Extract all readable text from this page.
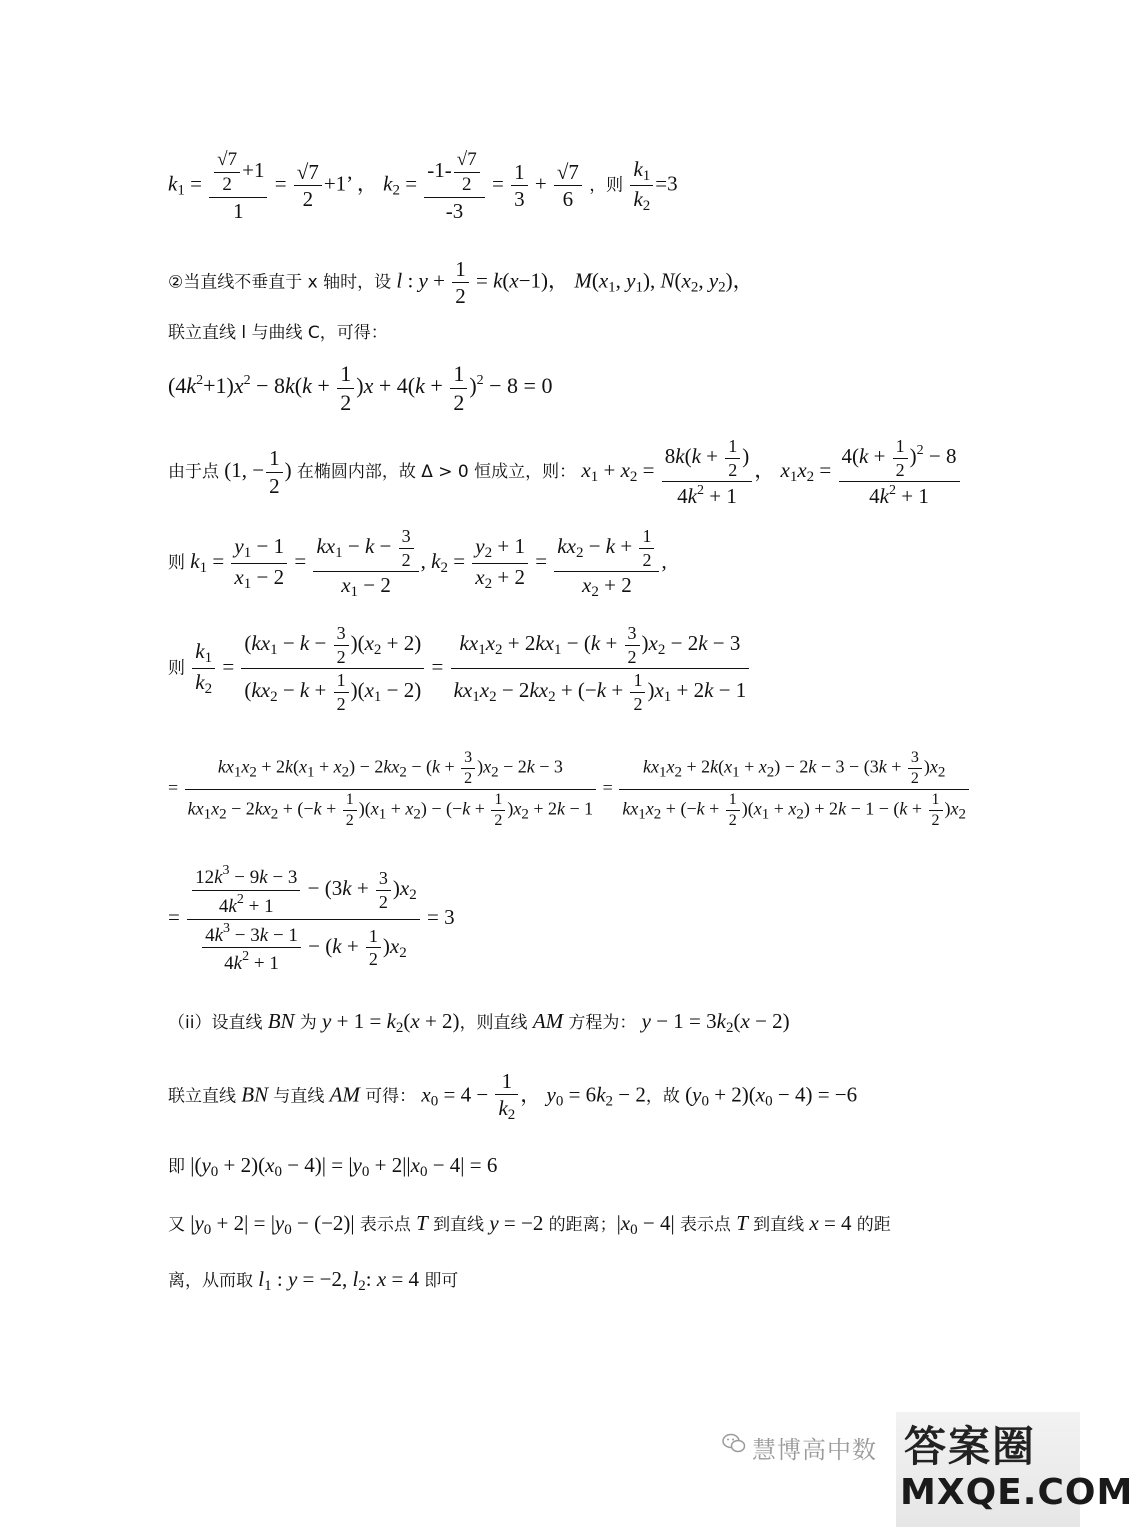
$k1 = \frac{\frac{√7}{2} +1}{1} = \frac{√7}{2} +1$’ ， $k2 = \frac{-1- \frac{√7}{2}}{-3} = \frac{1}{3} + \frac{√7}{6}$ ，则 $\frac{k1}{k2} =3$
②当直线不垂直于 x 轴时，设 l : $y + \frac{1}{2} = k(x-1)$， M(x1, y1), N(x2, y2)，
联立直线 l 与曲线 C，可得：
$(4k^2+1)x^2 - 8k(k + \frac{1}{2} )x + 4(k + \frac{1}{2} )^2 - 8 = 0$
由于点 (1, − $\frac{1}{2}$ ) 在椭圆内部，故 Δ > 0 恒成立，则： $x1 + x2 = \frac{8k(k + \frac{1}{2} )}{4k^2 + 1}$ ， $x1x2 = \frac{4(k + \frac{1}{2} )^2 - 8}{4k^2 + 1}$
则 $k1 = \frac{y1 - 1}{x1 - 2} = \frac{kx1 - k - \frac{3}{2}}{x1 - 2}$ , $k2 = \frac{y2 + 1}{x2 + 2} = \frac{kx2 - k + \frac{1}{2}}{x2 + 2}$ ,
则 $\frac{k1}{k2} = \frac{(kx1 - k - \frac{3}{2} )(x2 + 2)}{(kx2 - k + \frac{1}{2} )(x1 - 2)} = \frac{kx1x2 + 2kx1 - (k + \frac{3}{2} )x2 - 2k - 3}{kx1x2 - 2kx2 + (-k + \frac{1}{2} )x1 + 2k - 1}$
= $\frac{kx_1x_2 + 2k(x_1 + x_2) - 2kx_2 - (k + \frac{3}{2} )x_2 - 2k - 3}{kx_1x_2 - 2kx_2 + (-k + \frac{1}{2} )(x_1 + x_2) - (-k + \frac{1}{2} )x_2 + 2k - 1} = \frac{kx_1x_2 + 2k(x_1 + x_2) - 2k - 3 - (3k + \frac{3}{2} )x_2}{kx_1x_2 + (-k + \frac{1}{2} )(x_1 + x_2) + 2k - 1 - (k + \frac{1}{2} )x_2}$
= $\frac{\frac{12k^3 - 9k - 3}{4k^2 + 1} - (3k + \frac{3}{2} )x2}{\frac{4k^3 - 3k - 1}{4k^2 + 1} - (k + \frac{1}{2} )x2} = 3$
（ii）设直线 BN 为 y + 1 = k2(x + 2)，则直线 AM 方程为： y − 1 = 3k2(x − 2)
联立直线 BN 与直线 AM 可得： $x0 = 4 - \frac{1}{k2}$ ， y0 = 6k2 − 2，故 (y0 + 2)(x0 − 4) = −6
即 |(y0 + 2)(x0 − 4)| = |y0 + 2||x0 − 4| = 6
又 |y0 + 2| = |y0 − (−2)| 表示点 T 到直线 y = −2 的距离；|x0 − 4| 表示点 T 到直线 x = 4 的距
离，从而取 l1 : y = −2, l2: x = 4 即可
慧博高中数 答案圈
MXQE.COM
